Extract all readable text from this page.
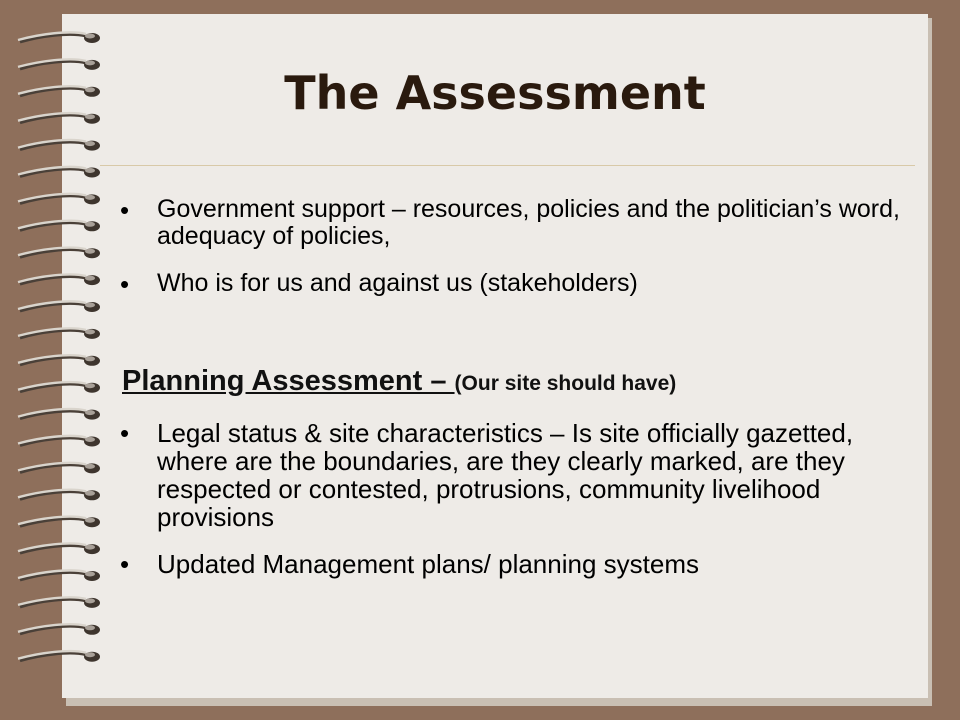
The Assessment
• Government support – resources, policies and the politician’s word, adequacy of policies,
• Who is for us and against us (stakeholders)
Planning Assessment – (Our site should have)
• Legal status & site characteristics – Is site officially gazetted, where are the boundaries, are they clearly marked, are they respected or contested, protrusions, community livelihood provisions
• Updated Management plans/ planning systems
